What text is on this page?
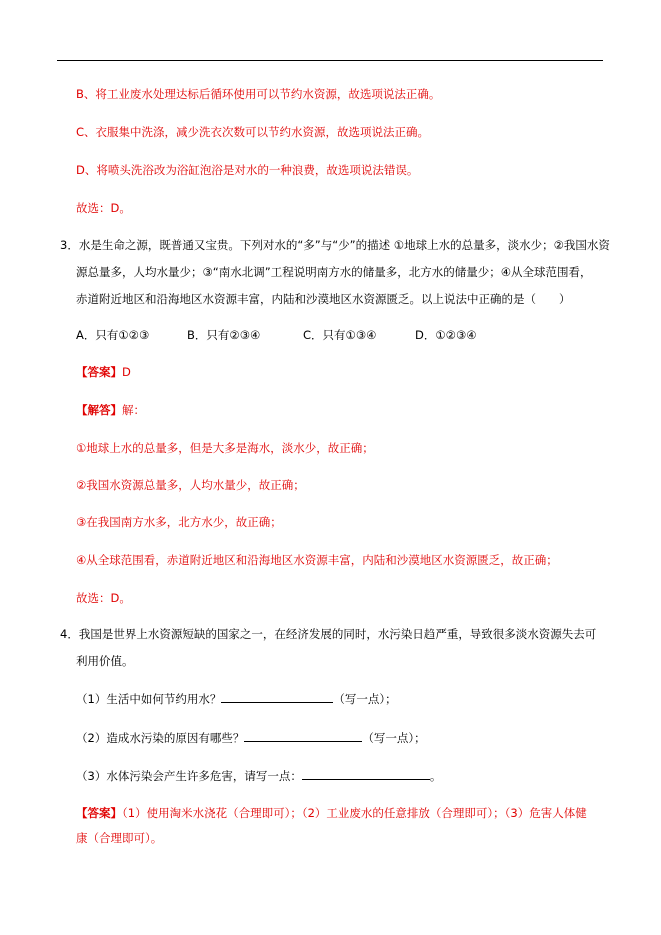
B、将工业废水处理达标后循环使用可以节约水资源，故选项说法正确。
C、衣服集中洗涤，减少洗衣次数可以节约水资源，故选项说法正确。
D、将喷头洗浴改为浴缸泡浴是对水的一种浪费，故选项说法错误。
故选：D。
3．水是生命之源，既普通又宝贵。下列对水的“多”与“少”的描述 ①地球上水的总量多，淡水少；②我国水资
源总量多，人均水量少；③“南水北调”工程说明南方水的储量多，北方水的储量少；④从全球范围看，
赤道附近地区和沿海地区水资源丰富，内陆和沙漠地区水资源匮乏。以上说法中正确的是（　　）
A．只有①②③	B．只有②③④	C．只有①③④	D．①②③④
【答案】D
【解答】解：
①地球上水的总量多，但是大多是海水，淡水少，故正确；
②我国水资源总量多，人均水量少，故正确；
③在我国南方水多，北方水少，故正确；
④从全球范围看，赤道附近地区和沿海地区水资源丰富，内陆和沙漠地区水资源匮乏，故正确；
故选：D。
4．我国是世界上水资源短缺的国家之一，在经济发展的同时，水污染日趋严重，导致很多淡水资源失去可
利用价值。
（1）生活中如何节约用水？	（写一点）；
（2）造成水污染的原因有哪些？	（写一点）；
（3）水体污染会产生许多危害，请写一点：	。
【答案】（1）使用淘米水浇花（合理即可）；（2）工业废水的任意排放（合理即可）；（3）危害人体健
康（合理即可）。
